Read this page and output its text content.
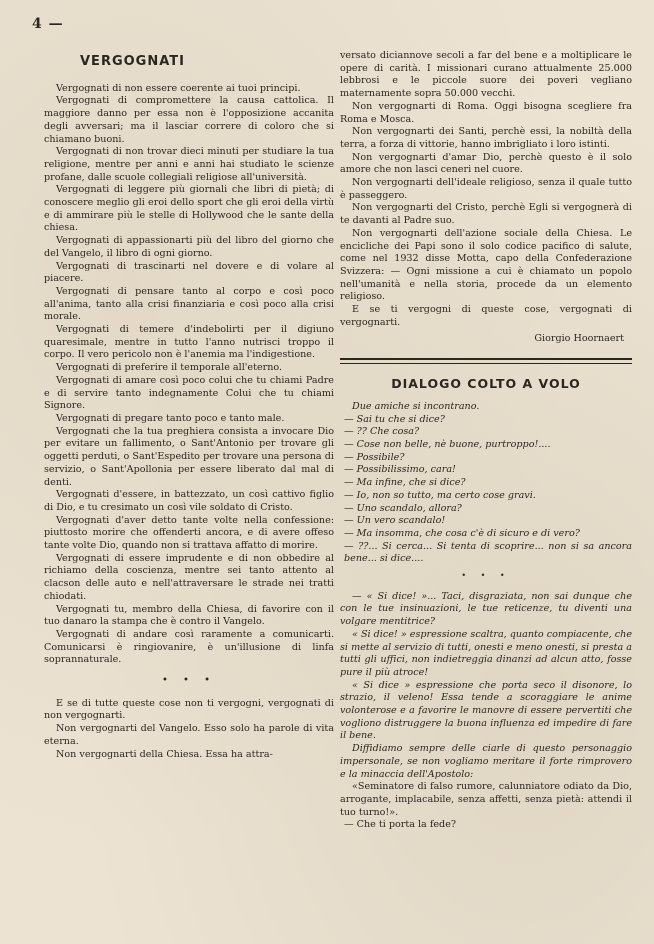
4 —
VERGOGNATI

Vergognati di non essere coerente ai tuoi principi.

Vergognati di compromettere la causa cattolica. Il maggiore danno per essa non è l'opposizione accanita degli avversari; ma il lasciar correre di coloro che si chiamano buoni.

Vergognati di non trovar dieci minuti per studiare la tua religione, mentre per anni e anni hai studiato le scienze profane, dalle scuole collegiali religiose all'università.

Vergognati di leggere più giornali che libri di pietà; di conoscere meglio gli eroi dello sport che gli eroi della virtù e di ammirare più le stelle di Hollywood che le sante della chiesa.

Vergognati di appassionarti più del libro del giorno che del Vangelo, il libro di ogni giorno.

Vergognati di trascinarti nel dovere e di volare al piacere.

Vergognati di pensare tanto al corpo e così poco all'anima, tanto alla crisi finanziaria e così poco alla crisi morale.

Vergognati di temere d'indebolirti per il digiuno quaresimale, mentre in tutto l'anno nutrisci troppo il corpo. Il vero pericolo non è l'anemia ma l'indigestione.

Vergognati di preferire il temporale all'eterno.

Vergognati di amare così poco colui che tu chiami Padre e di servire tanto indegnamente Colui che tu chiami Signore.

Vergognati di pregare tanto poco e tanto male.

Vergognati che la tua preghiera consista a invocare Dio per evitare un fallimento, o Sant'Antonio per trovare gli oggetti perduti, o Sant'Espedito per trovare una persona di servizio, o Sant'Apollonia per essere liberato dal mal di denti.

Vergognati d'essere, in battezzato, un così cattivo figlio di Dio, e tu cresimato un così vile soldato di Cristo.

Vergognati d'aver detto tante volte nella confessione: piuttosto morire che offenderti ancora, e di avere offeso tante volte Dio, quando non si trattava affatto di morire.

Vergognati di essere imprudente e di non obbedire al richiamo della coscienza, mentre sei tanto attento al clacson delle auto e nell'attraversare le strade nei tratti chiodati.

Vergognati tu, membro della Chiesa, di favorire con il tuo danaro la stampa che è contro il Vangelo.

Vergognati di andare così raramente a comunicarti. Comunicarsi è ringiovanire, è un'illusione di linfa soprannaturale.

• • •

E se di tutte queste cose non ti vergogni, vergognati di non vergognarti.

Non vergognarti del Vangelo. Esso solo ha parole di vita eterna.

Non vergognarti della Chiesa. Essa ha attra-

versato diciannove secoli a far del bene e a moltiplicare le opere di carità. I missionari curano attualmente 25.000 lebbrosi e le piccole suore dei poveri vegliano maternamente sopra 50.000 vecchi.

Non vergognarti di Roma. Oggi bisogna scegliere fra Roma e Mosca.

Non vergognarti dei Santi, perchè essi, la nobiltà della terra, a forza di vittorie, hanno imbrigliato i loro istinti.

Non vergognarti d'amar Dio, perchè questo è il solo amore che non lasci ceneri nel cuore.

Non vergognarti dell'ideale religioso, senza il quale tutto è passeggero.

Non vergognarti del Cristo, perchè Egli si vergognerà di te davanti al Padre suo.

Non vergognarti dell'azione sociale della Chiesa. Le encicliche dei Papi sono il solo codice pacifico di salute, come nel 1932 disse Motta, capo della Confederazione Svizzera: — Ogni missione a cui è chiamato un popolo nell'umanità e nella storia, procede da un elemento religioso.

E se ti vergogni di queste cose, vergognati di vergognarti.

Giorgio Hoornaert
DIALOGO COLTO A VOLO

Due amiche si incontrano.

— Sai tu che si dice?

— ?? Che cosa?

— Cose non belle, nè buone, purtroppo!....

— Possibile?

— Possibilissimo, cara!

— Ma infine, che si dice?

— Io, non so tutto, ma certo cose gravi.

— Uno scandalo, allora?

— Un vero scandalo!

— Ma insomma, che cosa c'è di sicuro e di vero?

— ??... Si cerca... Si tenta di scoprire... non si sa ancora bene... si dice....

• • •

— « Si dice! »... Taci, disgraziata, non sai dunque che con le tue insinuazioni, le tue reticenze, tu diventi una volgare mentitrice?

« Si dice! » espressione scaltra, quanto compiacente, che si mette al servizio di tutti, onesti e meno onesti, si presta a tutti gli uffici, non indietreggia dinanzi ad alcun atto, fosse pure il più atroce!

« Si dice » espressione che porta seco il disonore, lo strazio, il veleno! Essa tende a scoraggiare le anime volonterose e a favorire le manovre di essere pervertiti che vogliono distruggere la buona influenza ed impedire di fare il bene.

Diffidiamo sempre delle ciarle di questo personaggio impersonale, se non vogliamo meritare il forte rimprovero e la minaccia dell'Apostolo:

«Seminatore di falso rumore, calunniatore odiato da Dio, arrogante, implacabile, senza affetti, senza pietà: attendi il tuo turno!».

— Che ti porta la fede?
